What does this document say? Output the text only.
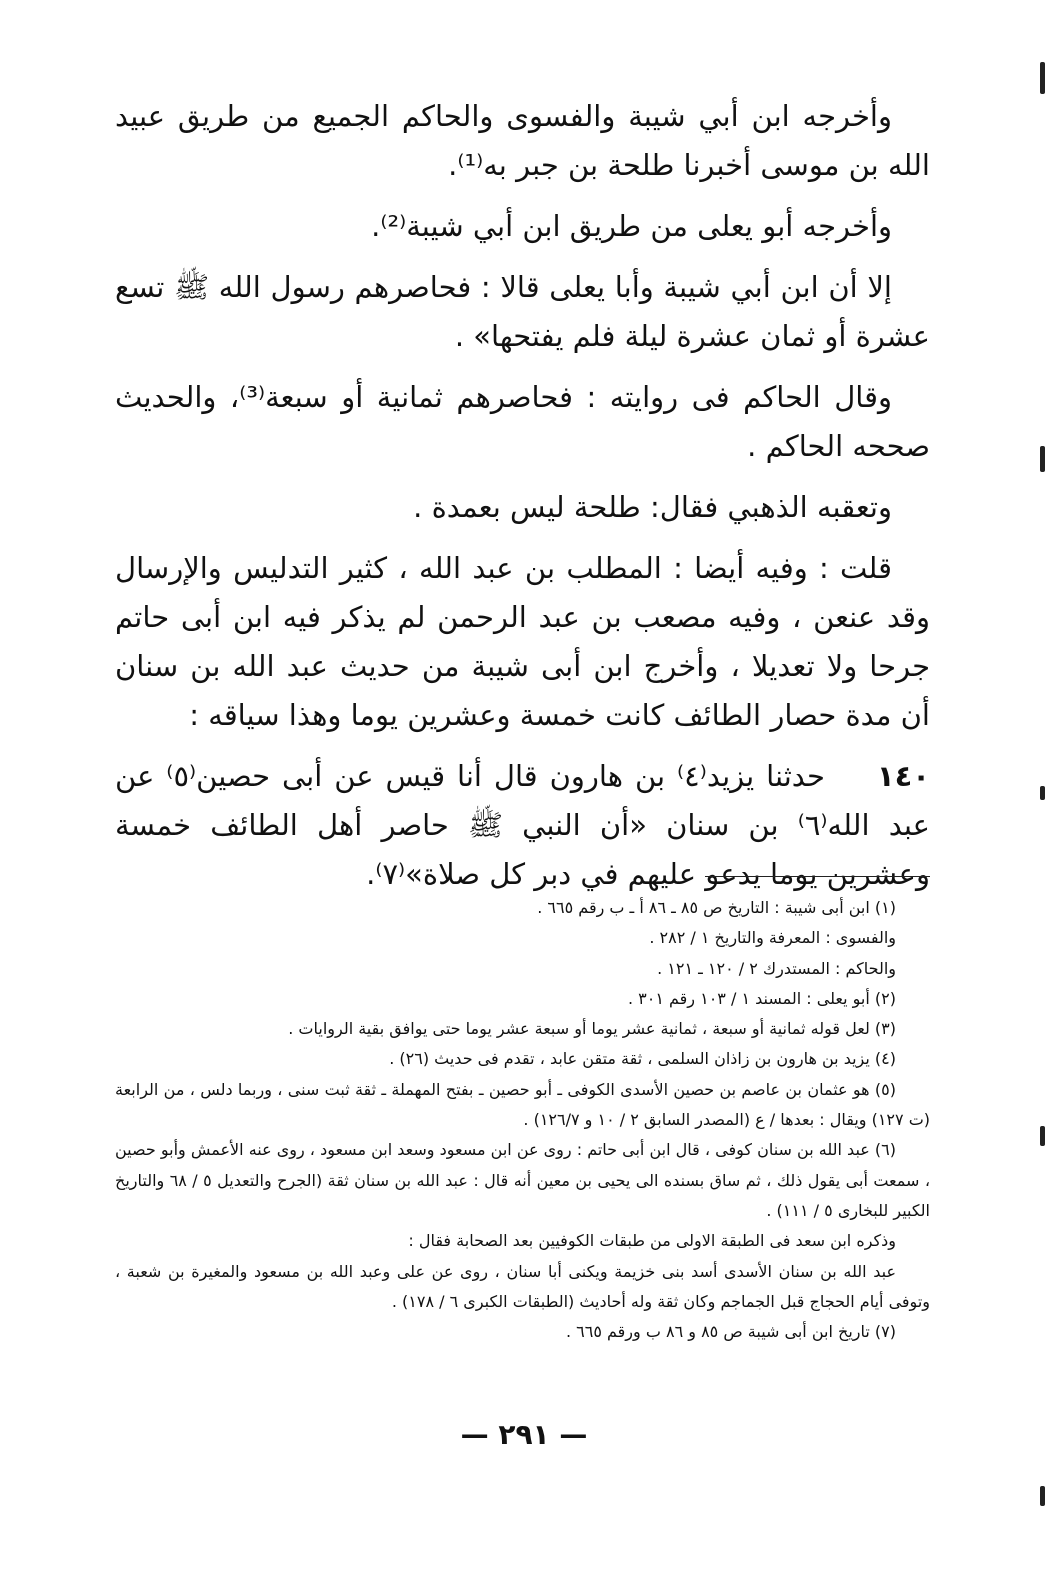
وأخرجه ابن أبي شيبة والفسوى والحاكم الجميع من طريق عبيد الله بن موسى أخبرنا طلحة بن جبر به⁽¹⁾.

وأخرجه أبو يعلى من طريق ابن أبي شيبة⁽²⁾.

إلا أن ابن أبي شيبة وأبا يعلى قالا : فحاصرهم رسول الله ﷺ تسع عشرة أو ثمان عشرة ليلة فلم يفتحها» .

وقال الحاكم فى روايته : فحاصرهم ثمانية أو سبعة⁽³⁾، والحديث صححه الحاكم .

وتعقبه الذهبي فقال: طلحة ليس بعمدة .

قلت : وفيه أيضا : المطلب بن عبد الله ، كثير التدليس والإرسال وقد عنعن ، وفيه مصعب بن عبد الرحمن لم يذكر فيه ابن أبى حاتم جرحا ولا تعديلا ، وأخرج ابن أبى شيبة من حديث عبد الله بن سنان أن مدة حصار الطائف كانت خمسة وعشرين يوما وهذا سياقه :

١٤٠ حدثنا يزيد⁽٤⁾ بن هارون قال أنا قيس عن أبى حصين⁽٥⁾ عن عبد الله⁽٦⁾ بن سنان «أن النبي ﷺ حاصر أهل الطائف خمسة وعشرين يوما يدعو عليهم في دبر كل صلاة»⁽٧⁾.

(١) ابن أبى شيبة : التاريخ ص ٨٥ ـ ٨٦ أ ـ ب رقم ٦٦٥ .

والفسوى : المعرفة والتاريخ ١ / ٢٨٢ .

والحاكم : المستدرك ٢ / ١٢٠ ـ ١٢١ .

(٢) أبو يعلى : المسند ١ / ١٠٣ رقم ٣٠١ .

(٣) لعل قوله ثمانية أو سبعة ، ثمانية عشر يوما أو سبعة عشر يوما حتى يوافق بقية الروايات .

(٤) يزيد بن هارون بن زاذان السلمى ، ثقة متقن عابد ، تقدم فى حديث (٢٦) .

(٥) هو عثمان بن عاصم بن حصين الأسدى الكوفى ـ أبو حصين ـ بفتح المهملة ـ ثقة ثبت سنى ، وربما دلس ، من الرابعة (ت ١٢٧) ويقال : بعدها / ع (المصدر السابق ٢ / ١٠ و ١٢٦/٧) .

(٦) عبد الله بن سنان كوفى ، قال ابن أبى حاتم : روى عن ابن مسعود وسعد ابن مسعود ، روى عنه الأعمش وأبو حصين ، سمعت أبى يقول ذلك ، ثم ساق بسنده الى يحيى بن معين أنه قال : عبد الله بن سنان ثقة (الجرح والتعديل ٥ / ٦٨ والتاريخ الكبير للبخارى ٥ / ١١١) .

وذكره ابن سعد فى الطبقة الاولى من طبقات الكوفيين بعد الصحابة فقال :

عبد الله بن سنان الأسدى أسد بنى خزيمة ويكنى أبا سنان ، روى عن على وعبد الله بن مسعود والمغيرة بن شعبة ، وتوفى أيام الحجاج قبل الجماجم وكان ثقة وله أحاديث (الطبقات الكبرى ٦ / ١٧٨) .

(٧) تاريخ ابن أبى شيبة ص ٨٥ و ٨٦ ب ورقم ٦٦٥ .

— ٢٩١ —
